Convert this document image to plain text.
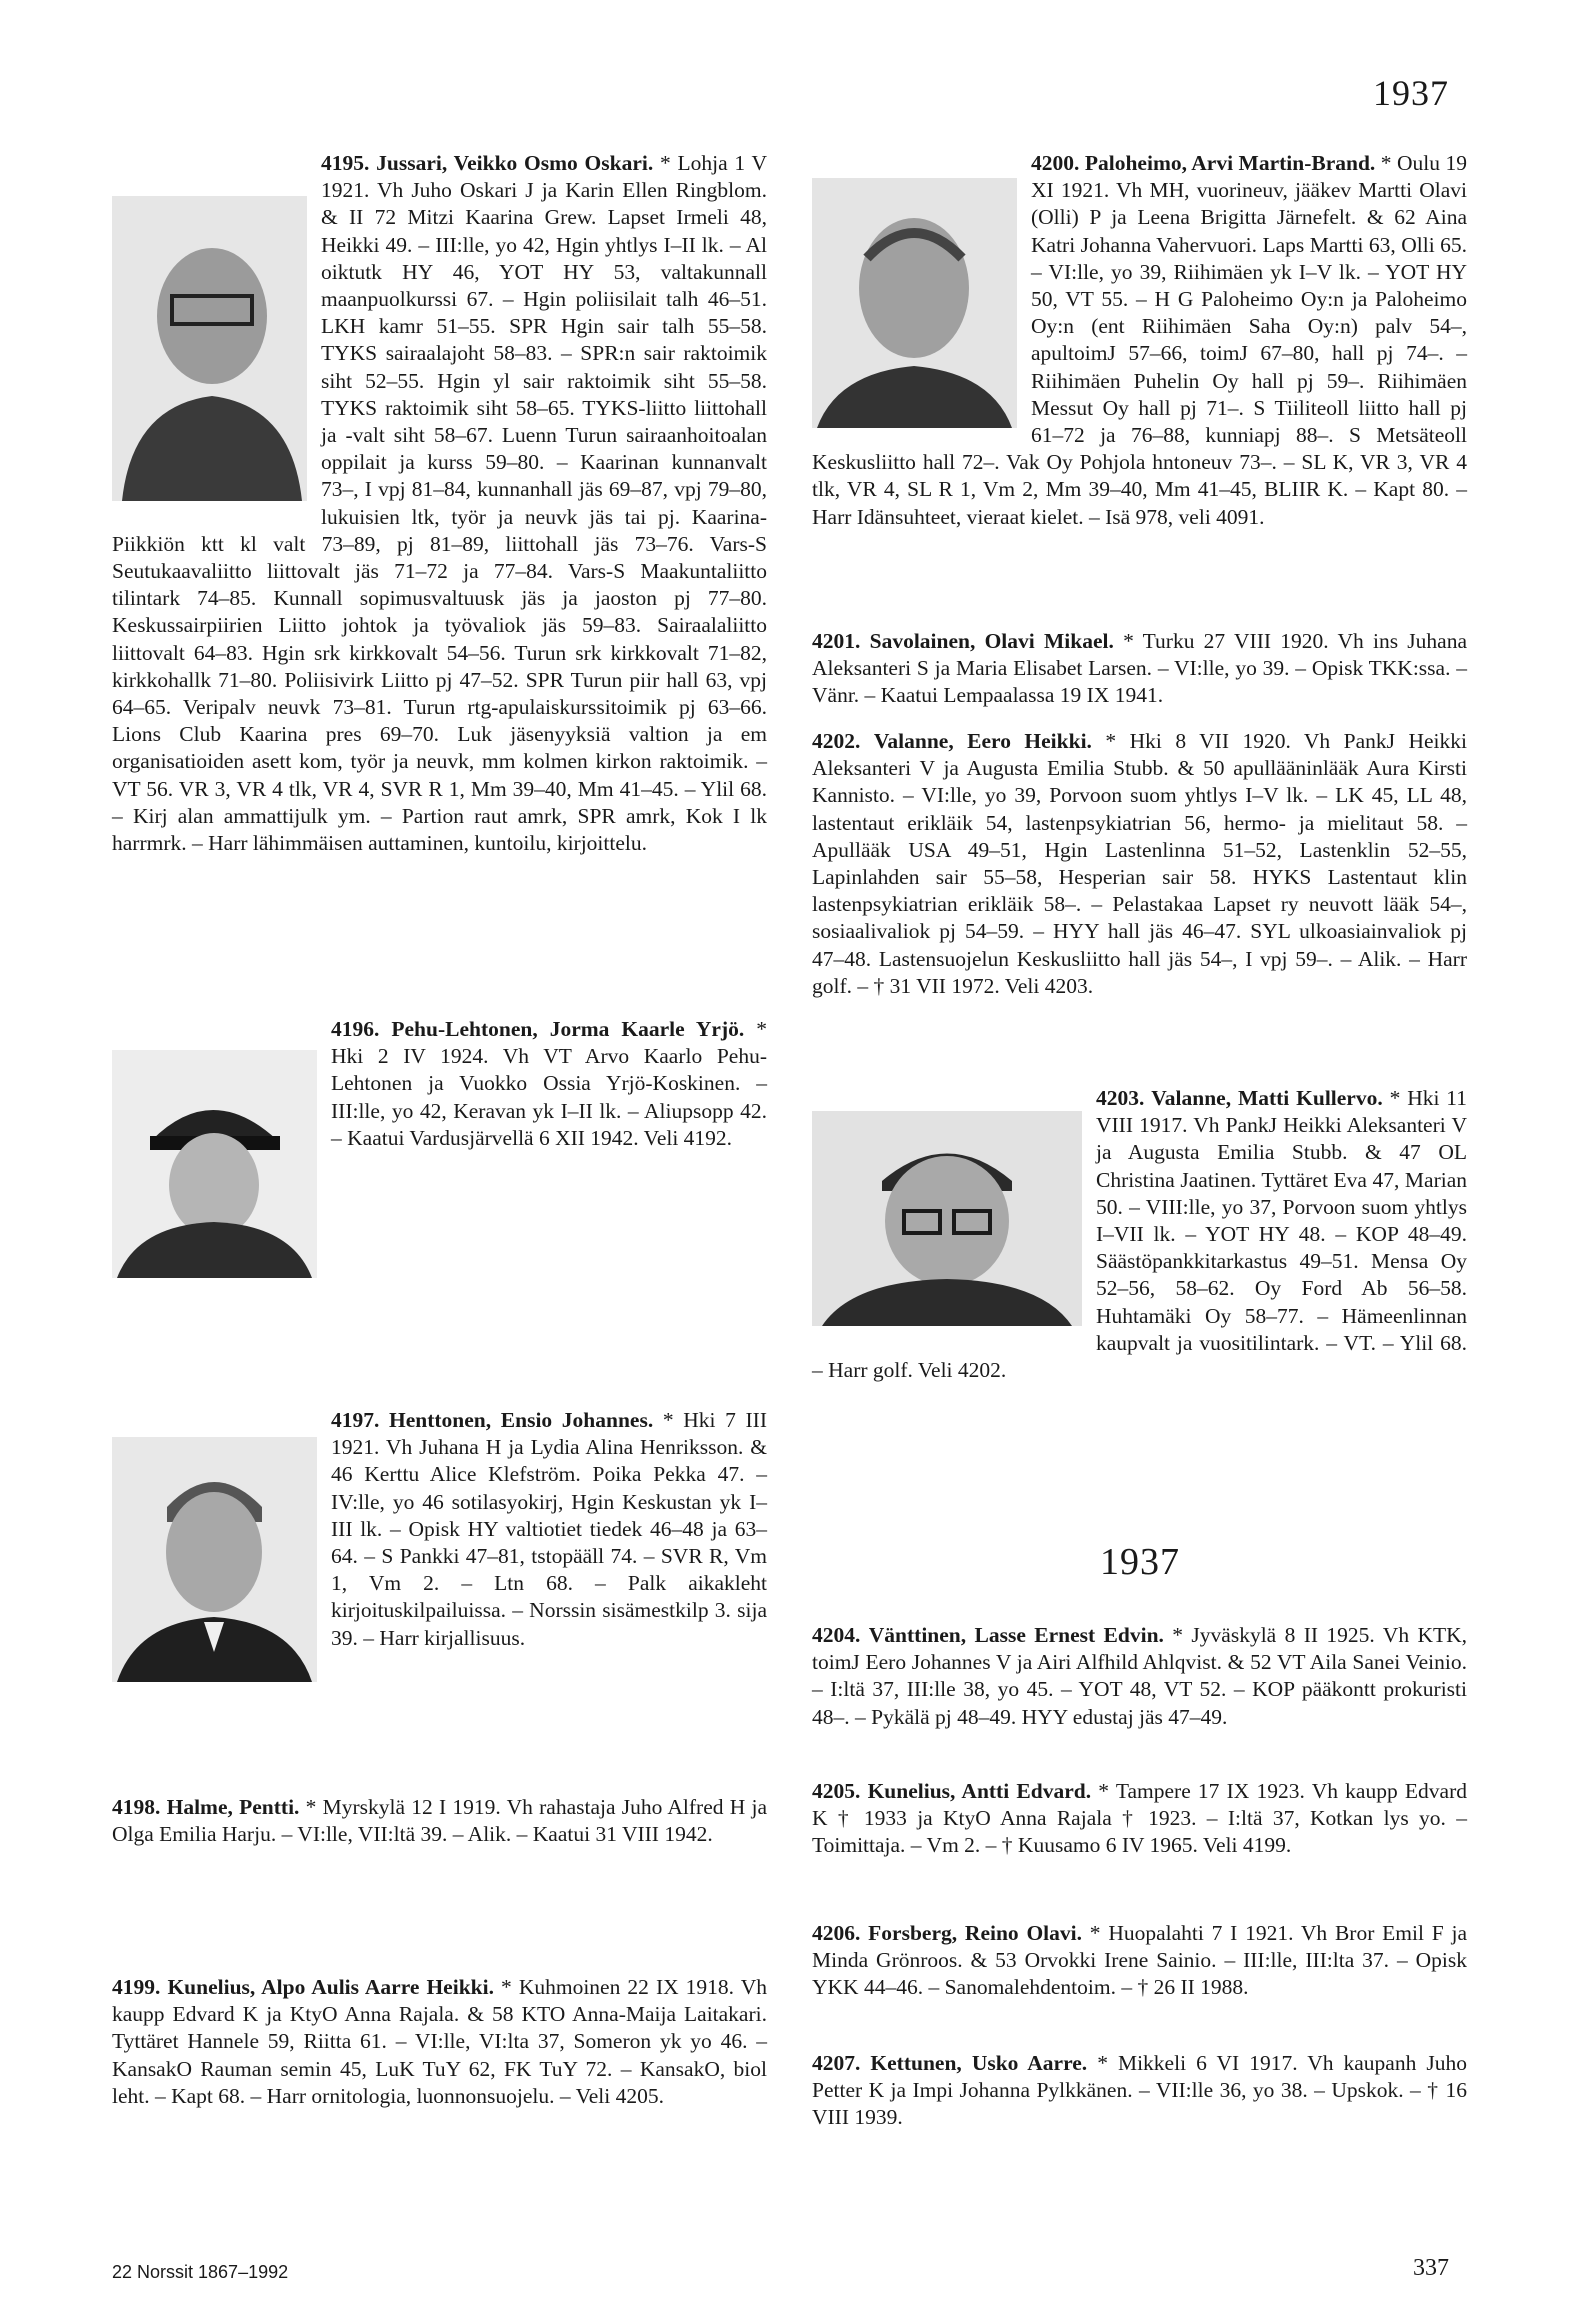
1937

4195. Jussari, Veikko Osmo Oskari. * Lohja 1 V 1921. Vh Juho Oskari J ja Karin Ellen Ringblom. & II 72 Mitzi Kaarina Grew. Lapset Irmeli 48, Heikki 49. – III:lle, yo 42, Hgin yhtlys I–II lk. – Al oiktutk HY 46, YOT HY 53, valtakunnall maanpuolkurssi 67. – Hgin poliisilait talh 46–51. LKH kamr 51–55. SPR Hgin sair talh 55–58. TYKS sairaalajoht 58–83. – SPR:n sair raktoimik siht 52–55. Hgin yl sair raktoimik siht 55–58. TYKS raktoimik siht 58–65. TYKS-liitto liittohall ja -valt siht 58–67. Luenn Turun sairaanhoitoalan oppilait ja kurss 59–80. – Kaarinan kunnanvalt 73–, I vpj 81–84, kunnanhall jäs 69–87, vpj 79–80, lukuisien ltk, työr ja neuvk jäs tai pj. Kaarina-Piikkiön ktt kl valt 73–89, pj 81–89, liittohall jäs 73–76. Vars-S Seutukaavaliitto liittovalt jäs 71–72 ja 77–84. Vars-S Maakuntaliitto tilintark 74–85. Kunnall sopimusvaltuusk jäs ja jaoston pj 77–80. Keskussairpiirien Liitto johtok ja työvaliok jäs 59–83. Sairaalaliitto liittovalt 64–83. Hgin srk kirkkovalt 54–56. Turun srk kirkkovalt 71–82, kirkkohallk 71–80. Poliisivirk Liitto pj 47–52. SPR Turun piir hall 63, vpj 64–65. Veripalv neuvk 73–81. Turun rtg-apulaiskurssitoimik pj 63–66. Lions Club Kaarina pres 69–70. Luk jäsenyyksiä valtion ja em organisatioiden asett kom, työr ja neuvk, mm kolmen kirkon raktoimik. – VT 56. VR 3, VR 4 tlk, VR 4, SVR R 1, Mm 39–40, Mm 41–45. – Ylil 68. – Kirj alan ammattijulk ym. – Partion raut amrk, SPR amrk, Kok I lk harrmrk. – Harr lähimmäisen auttaminen, kuntoilu, kirjoittelu.

4196. Pehu-Lehtonen, Jorma Kaarle Yrjö. * Hki 2 IV 1924. Vh VT Arvo Kaarlo Pehu-Lehtonen ja Vuokko Ossia Yrjö-Koskinen. – III:lle, yo 42, Keravan yk I–II lk. – Aliupsopp 42. – Kaatui Vardusjärvellä 6 XII 1942. Veli 4192.

4197. Henttonen, Ensio Johannes. * Hki 7 III 1921. Vh Juhana H ja Lydia Alina Henriksson. & 46 Kerttu Alice Klefström. Poika Pekka 47. – IV:lle, yo 46 sotilasyokirj, Hgin Keskustan yk I–III lk. – Opisk HY valtiotiet tiedek 46–48 ja 63–64. – S Pankki 47–81, tstopääll 74. – SVR R, Vm 1, Vm 2. – Ltn 68. – Palk aikakleht kirjoituskilpailuissa. – Norssin sisämestkilp 3. sija 39. – Harr kirjallisuus.

4198. Halme, Pentti. * Myrskylä 12 I 1919. Vh rahastaja Juho Alfred H ja Olga Emilia Harju. – VI:lle, VII:ltä 39. – Alik. – Kaatui 31 VIII 1942.

4199. Kunelius, Alpo Aulis Aarre Heikki. * Kuhmoinen 22 IX 1918. Vh kaupp Edvard K ja KtyO Anna Rajala. & 58 KTO Anna-Maija Laitakari. Tyttäret Hannele 59, Riitta 61. – VI:lle, VI:lta 37, Someron yk yo 46. – KansakO Rauman semin 45, LuK TuY 62, FK TuY 72. – KansakO, biol leht. – Kapt 68. – Harr ornitologia, luonnonsuojelu. – Veli 4205.

4200. Paloheimo, Arvi Martin-Brand. * Oulu 19 XI 1921. Vh MH, vuorineuv, jääkev Martti Olavi (Olli) P ja Leena Brigitta Järnefelt. & 62 Aina Katri Johanna Vahervuori. Laps Martti 63, Olli 65. – VI:lle, yo 39, Riihimäen yk I–V lk. – YOT HY 50, VT 55. – H G Paloheimo Oy:n ja Paloheimo Oy:n (ent Riihimäen Saha Oy:n) palv 54–, apultoimJ 57–66, toimJ 67–80, hall pj 74–. – Riihimäen Puhelin Oy hall pj 59–. Riihimäen Messut Oy hall pj 71–. S Tiiliteoll liitto hall pj 61–72 ja 76–88, kunniapj 88–. S Metsäteoll Keskusliitto hall 72–. Vak Oy Pohjola hntoneuv 73–. – SL K, VR 3, VR 4 tlk, VR 4, SL R 1, Vm 2, Mm 39–40, Mm 41–45, BLIIR K. – Kapt 80. – Harr Idänsuhteet, vieraat kielet. – Isä 978, veli 4091.

4201. Savolainen, Olavi Mikael. * Turku 27 VIII 1920. Vh ins Juhana Aleksanteri S ja Maria Elisabet Larsen. – VI:lle, yo 39. – Opisk TKK:ssa. – Vänr. – Kaatui Lempaalassa 19 IX 1941.

4202. Valanne, Eero Heikki. * Hki 8 VII 1920. Vh PankJ Heikki Aleksanteri V ja Augusta Emilia Stubb. & 50 apullääninlääk Aura Kirsti Kannisto. – VI:lle, yo 39, Porvoon suom yhtlys I–V lk. – LK 45, LL 48, lastentaut erikläik 54, lastenpsykiatrian 56, hermo- ja mielitaut 58. – Apullääk USA 49–51, Hgin Lastenlinna 51–52, Lastenklin 52–55, Lapinlahden sair 55–58, Hesperian sair 58. HYKS Lastentaut klin lastenpsykiatrian erikläik 58–. – Pelastakaa Lapset ry neuvott lääk 54–, sosiaalivaliok pj 54–59. – HYY hall jäs 46–47. SYL ulkoasiainvaliok pj 47–48. Lastensuojelun Keskusliitto hall jäs 54–, I vpj 59–. – Alik. – Harr golf. – † 31 VII 1972. Veli 4203.

4203. Valanne, Matti Kullervo. * Hki 11 VIII 1917. Vh PankJ Heikki Aleksanteri V ja Augusta Emilia Stubb. & 47 OL Christina Jaatinen. Tyttäret Eva 47, Marian 50. – VIII:lle, yo 37, Porvoon suom yhtlys I–VII lk. – YOT HY 48. – KOP 48–49. Säästöpankkitarkastus 49–51. Mensa Oy 52–56, 58–62. Oy Ford Ab 56–58. Huhtamäki Oy 58–77. – Hämeenlinnan kaupvalt ja vuositilintark. – VT. – Ylil 68. – Harr golf. Veli 4202.

4204. Vänttinen, Lasse Ernest Edvin. * Jyväskylä 8 II 1925. Vh KTK, toimJ Eero Johannes V ja Airi Alfhild Ahlqvist. & 52 VT Aila Sanei Veinio. – I:ltä 37, III:lle 38, yo 45. – YOT 48, VT 52. – KOP pääkontt prokuristi 48–. – Pykälä pj 48–49. HYY edustaj jäs 47–49.

4205. Kunelius, Antti Edvard. * Tampere 17 IX 1923. Vh kaupp Edvard K † 1933 ja KtyO Anna Rajala † 1923. – I:ltä 37, Kotkan lys yo. – Toimittaja. – Vm 2. – † Kuusamo 6 IV 1965. Veli 4199.

4206. Forsberg, Reino Olavi. * Huopalahti 7 I 1921. Vh Bror Emil F ja Minda Grönroos. & 53 Orvokki Irene Sainio. – III:lle, III:lta 37. – Opisk YKK 44–46. – Sanomalehdentoim. – † 26 II 1988.

4207. Kettunen, Usko Aarre. * Mikkeli 6 VI 1917. Vh kaupanh Juho Petter K ja Impi Johanna Pylkkänen. – VII:lle 36, yo 38. – Upskok. – † 16 VIII 1939.

1937
22 Norssit 1867–1992	337
